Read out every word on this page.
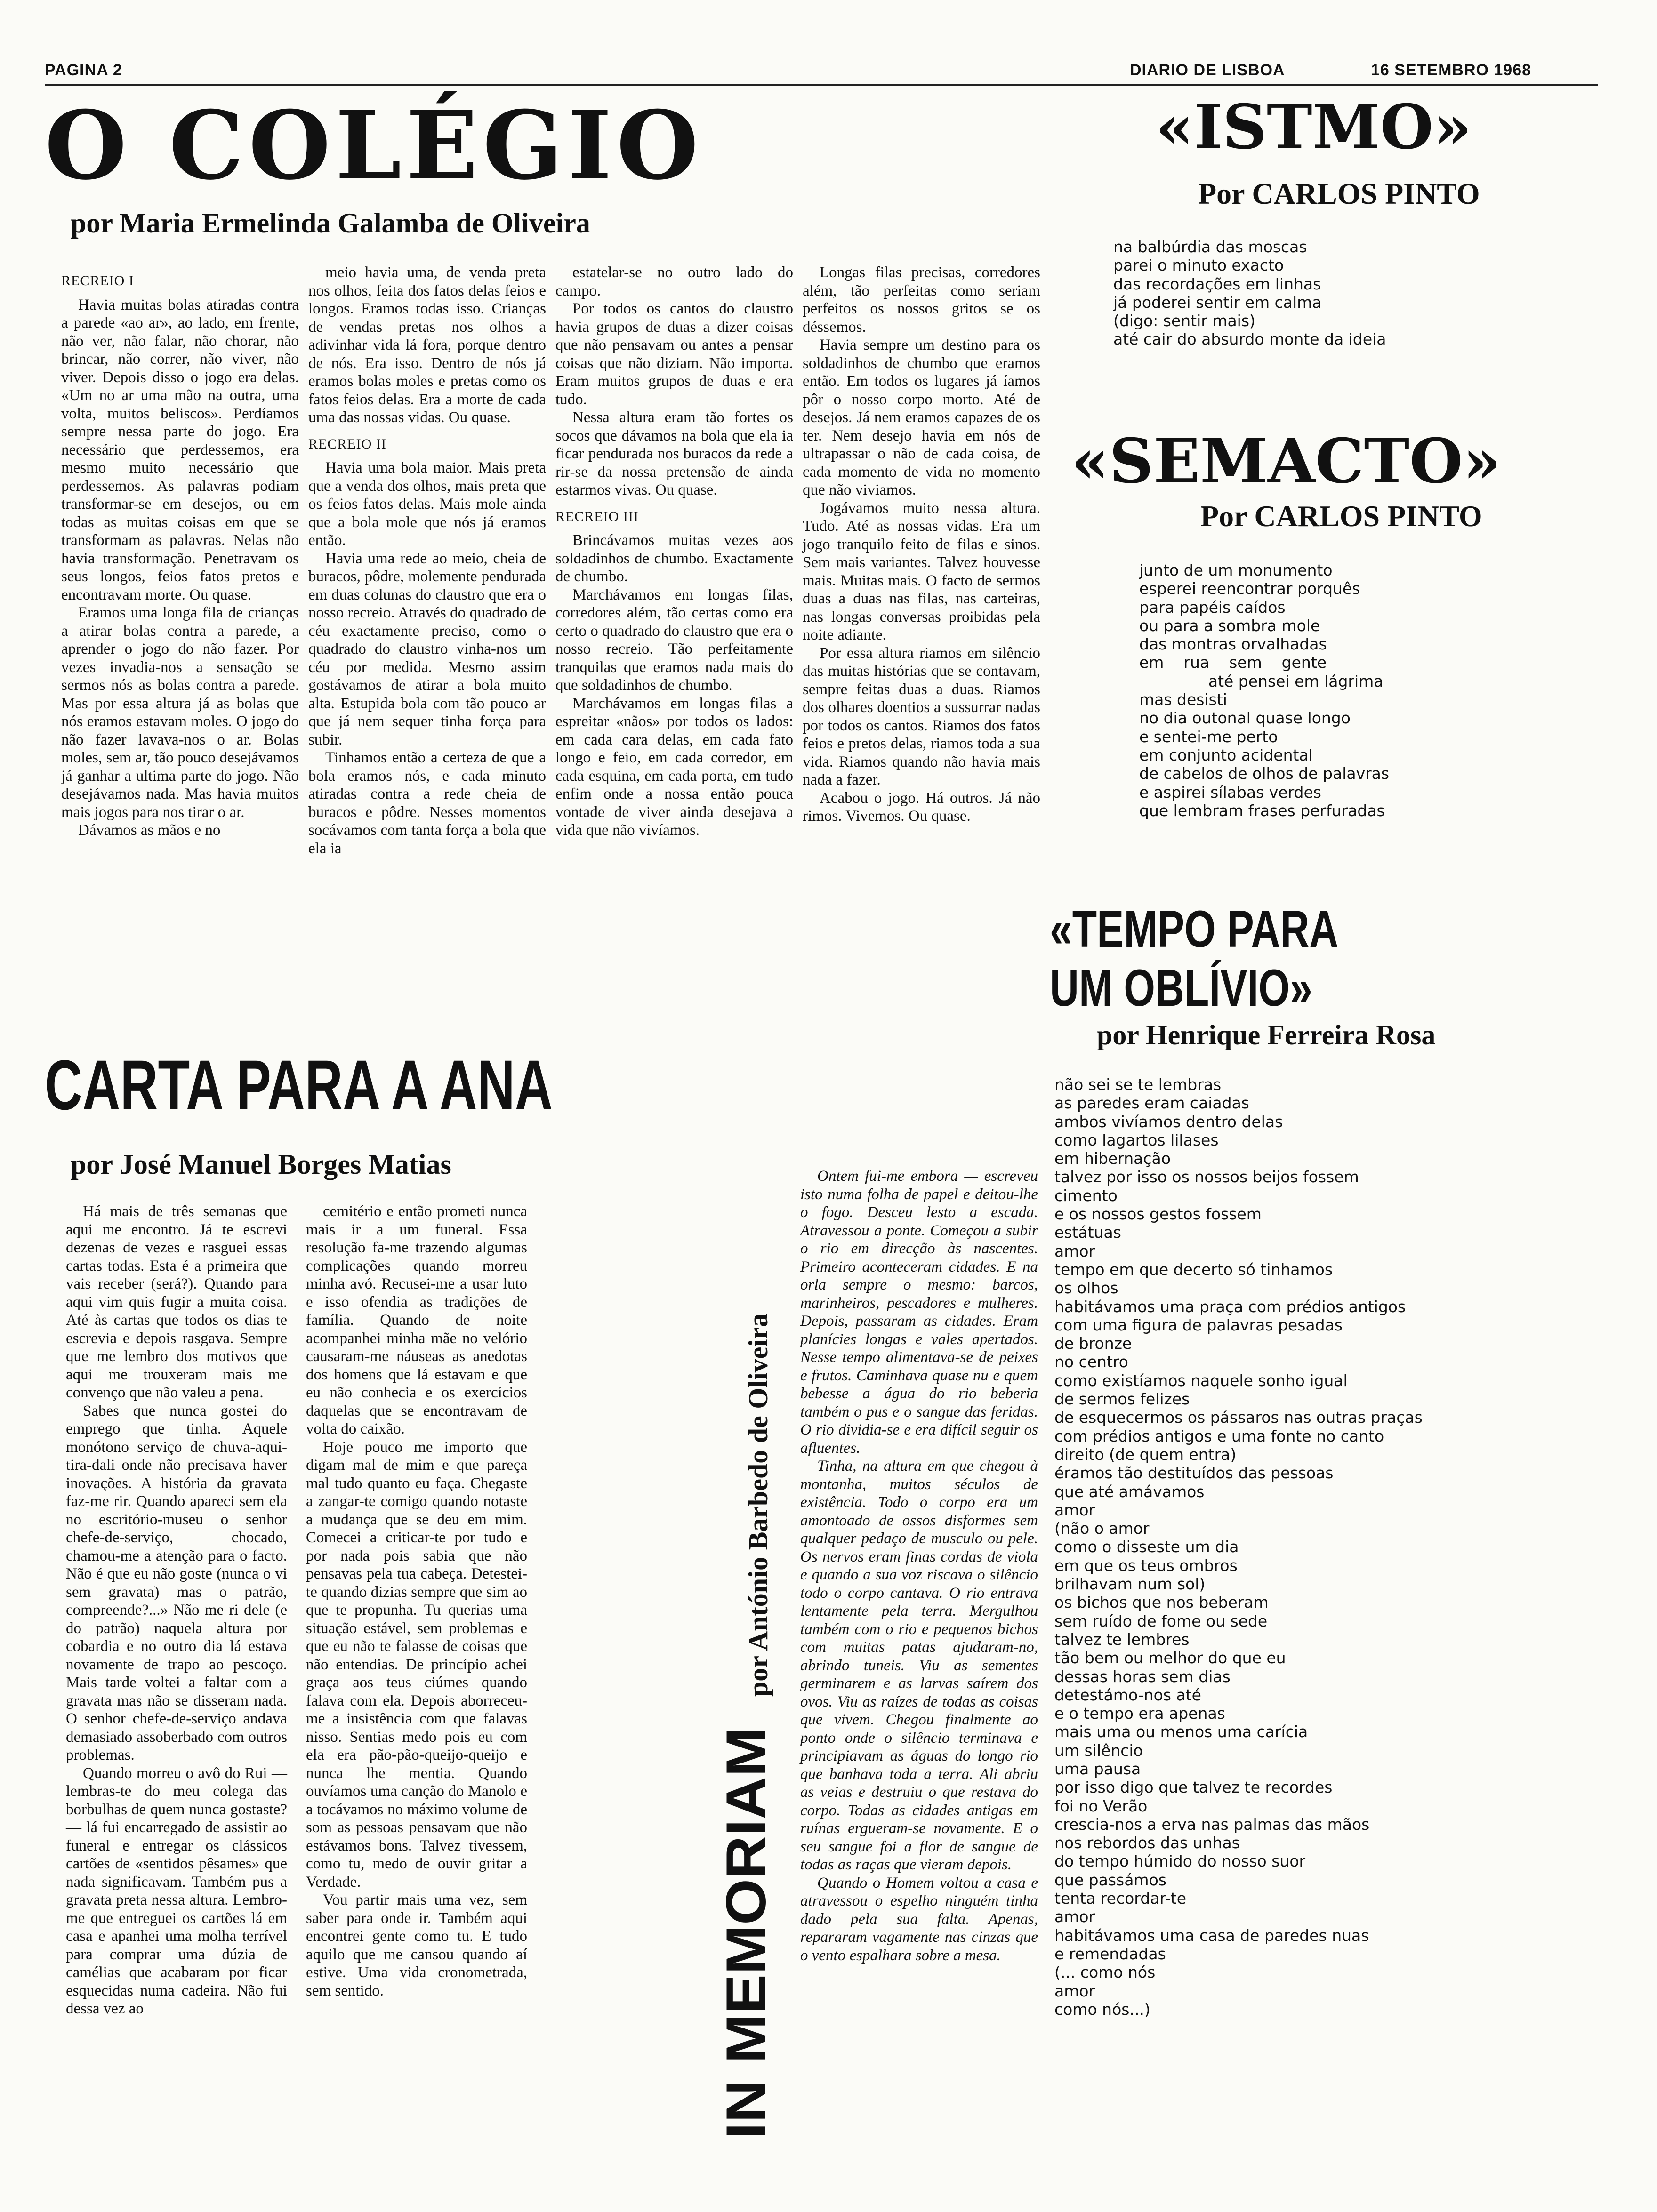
PAGINA 2	DIARIO DE LISBOA	16 SETEMBRO 1968
O COLÉGIO
por Maria Ermelinda Galamba de Oliveira

RECREIO I

Havia muitas bolas atiradas contra a parede «ao ar», ao lado, em frente, não ver, não falar, não chorar, não brincar, não correr, não viver, não viver. Depois disso o jogo era delas. «Um no ar uma mão na outra, uma volta, muitos beliscos». Perdíamos sempre nessa parte do jogo. Era necessário que perdessemos, era mesmo muito necessário que perdessemos. As palavras podiam transformar-se em desejos, ou em todas as muitas coisas em que se transformam as palavras. Nelas não havia transformação. Penetravam os seus longos, feios fatos pretos e encontravam morte. Ou quase.

Eramos uma longa fila de crianças a atirar bolas contra a parede, a aprender o jogo do não fazer. Por vezes invadia-nos a sensação se sermos nós as bolas contra a parede. Mas por essa altura já as bolas que nós eramos estavam moles. O jogo do não fazer lavava-nos o ar. Bolas moles, sem ar, tão pouco desejávamos já ganhar a ultima parte do jogo. Não desejávamos nada. Mas havia muitos mais jogos para nos tirar o ar.

Dávamos as mãos e no

meio havia uma, de venda preta nos olhos, feita dos fatos delas feios e longos. Eramos todas isso. Crianças de vendas pretas nos olhos a adivinhar vida lá fora, porque dentro de nós. Era isso. Dentro de nós já eramos bolas moles e pretas como os fatos feios delas. Era a morte de cada uma das nossas vidas. Ou quase.

RECREIO II

Havia uma bola maior. Mais preta que a venda dos olhos, mais preta que os feios fatos delas. Mais mole ainda que a bola mole que nós já eramos então.

Havia uma rede ao meio, cheia de buracos, pôdre, molemente pendurada em duas colunas do claustro que era o nosso recreio. Através do quadrado de céu exactamente preciso, como o quadrado do claustro vinha-nos um céu por medida. Mesmo assim gostávamos de atirar a bola muito alta. Estupida bola com tão pouco ar que já nem sequer tinha força para subir.

Tinhamos então a certeza de que a bola eramos nós, e cada minuto atiradas contra a rede cheia de buracos e pôdre. Nesses momentos socávamos com tanta força a bola que ela ia

estatelar-se no outro lado do campo.

Por todos os cantos do claustro havia grupos de duas a dizer coisas que não pensavam ou antes a pensar coisas que não diziam. Não importa. Eram muitos grupos de duas e era tudo.

Nessa altura eram tão fortes os socos que dávamos na bola que ela ia ficar pendurada nos buracos da rede a rir-se da nossa pretensão de ainda estarmos vivas. Ou quase.

RECREIO III

Brincávamos muitas vezes aos soldadinhos de chumbo. Exactamente de chumbo.

Marchávamos em longas filas, corredores além, tão certas como era certo o quadrado do claustro que era o nosso recreio. Tão perfeitamente tranquilas que eramos nada mais do que soldadinhos de chumbo.

Marchávamos em longas filas a espreitar «nãos» por todos os lados: em cada cara delas, em cada fato longo e feio, em cada corredor, em cada esquina, em cada porta, em tudo enfim onde a nossa então pouca vontade de viver ainda desejava a vida que não vivíamos.

Longas filas precisas, corredores além, tão perfeitas como seriam perfeitos os nossos gritos se os déssemos.

Havia sempre um destino para os soldadinhos de chumbo que eramos então. Em todos os lugares já íamos pôr o nosso corpo morto. Até de desejos. Já nem eramos capazes de os ter. Nem desejo havia em nós de ultrapassar o não de cada coisa, de cada momento de vida no momento que não viviamos.

Jogávamos muito nessa altura. Tudo. Até as nossas vidas. Era um jogo tranquilo feito de filas e sinos. Sem mais variantes. Talvez houvesse mais. Muitas mais. O facto de sermos duas a duas nas filas, nas carteiras, nas longas conversas proibidas pela noite adiante.

Por essa altura riamos em silêncio das muitas histórias que se contavam, sempre feitas duas a duas. Riamos dos olhares doentios a sussurrar nadas por todos os cantos. Riamos dos fatos feios e pretos delas, riamos toda a sua vida. Riamos quando não havia mais nada a fazer.

Acabou o jogo. Há outros. Já não rimos. Vivemos. Ou quase.

«ISTMO»
Por CARLOS PINTO
na balbúrdia das moscas
parei o minuto exacto
das recordações em linhas
já poderei sentir em calma
(digo: sentir mais)
até cair do absurdo monte da ideia
«SEMACTO»
Por CARLOS PINTO
junto de um monumento
esperei reencontrar porquês
para papéis caídos
ou para a sombra mole
das montras orvalhadas
em    rua    sem    gente
até pensei em lágrima
mas desisti
no dia outonal quase longo
e sentei-me perto
em conjunto acidental
de cabelos de olhos de palavras
e aspirei sílabas verdes
que lembram frases perfuradas
«TEMPO PARA
UM OBLÍVIO»
por Henrique Ferreira Rosa
não sei se te lembras
as paredes eram caiadas
ambos vivíamos dentro delas
como lagartos lilases
em hibernação
talvez por isso os nossos beijos fossem
cimento
e os nossos gestos fossem
estátuas
amor
tempo em que decerto só tinhamos
os olhos
habitávamos uma praça com prédios antigos
com uma figura de palavras pesadas
de bronze
no centro
como existíamos naquele sonho igual
de sermos felizes
de esquecermos os pássaros nas outras praças
com prédios antigos e uma fonte no canto
direito (de quem entra)
éramos tão destituídos das pessoas
que até amávamos
amor
(não o amor
como o disseste um dia
em que os teus ombros
brilhavam num sol)
os bichos que nos beberam
sem ruído de fome ou sede
talvez te lembres
tão bem ou melhor do que eu
dessas horas sem dias
detestámo-nos até
e o tempo era apenas
mais uma ou menos uma carícia
um silêncio
uma pausa
por isso digo que talvez te recordes
foi no Verão
crescia-nos a erva nas palmas das mãos
nos rebordos das unhas
do tempo húmido do nosso suor
que passámos
tenta recordar-te
amor
habitávamos uma casa de paredes nuas
e remendadas
(... como nós
amor
como nós...)
CARTA PARA A ANA
por José Manuel Borges Matias

Há mais de três semanas que aqui me encontro. Já te escrevi dezenas de vezes e rasguei essas cartas todas. Esta é a primeira que vais receber (será?). Quando para aqui vim quis fugir a muita coisa. Até às cartas que todos os dias te escrevia e depois rasgava. Sempre que me lembro dos motivos que aqui me trouxeram mais me convenço que não valeu a pena.

Sabes que nunca gostei do emprego que tinha. Aquele monótono serviço de chuva-aqui-tira-dali onde não precisava haver inovações. A história da gravata faz-me rir. Quando apareci sem ela no escritório-museu o senhor chefe-de-serviço, chocado, chamou-me a atenção para o facto. Não é que eu não goste (nunca o vi sem gravata) mas o patrão, compreende?...» Não me ri dele (e do patrão) naquela altura por cobardia e no outro dia lá estava novamente de trapo ao pescoço. Mais tarde voltei a faltar com a gravata mas não se disseram nada. O senhor chefe-de-serviço andava demasiado assoberbado com outros problemas.

Quando morreu o avô do Rui — lembras-te do meu colega das borbulhas de quem nunca gostaste? — lá fui encarregado de assistir ao funeral e entregar os clássicos cartões de «sentidos pêsames» que nada significavam. Também pus a gravata preta nessa altura. Lembro-me que entreguei os cartões lá em casa e apanhei uma molha terrível para comprar uma dúzia de camélias que acabaram por ficar esquecidas numa cadeira. Não fui dessa vez ao

cemitério e então prometi nunca mais ir a um funeral. Essa resolução fa-me trazendo algumas complicações quando morreu minha avó. Recusei-me a usar luto e isso ofendia as tradições de família. Quando de noite acompanhei minha mãe no velório causaram-me náuseas as anedotas dos homens que lá estavam e que eu não conhecia e os exercícios daquelas que se encontravam de volta do caixão.

Hoje pouco me importo que digam mal de mim e que pareça mal tudo quanto eu faça. Chegaste a zangar-te comigo quando notaste a mudança que se deu em mim. Comecei a criticar-te por tudo e por nada pois sabia que não pensavas pela tua cabeça. Detestei-te quando dizias sempre que sim ao que te propunha. Tu querias uma situação estável, sem problemas e que eu não te falasse de coisas que não entendias. De princípio achei graça aos teus ciúmes quando falava com ela. Depois aborreceu-me a insistência com que falavas nisso. Sentias medo pois eu com ela era pão-pão-queijo-queijo e nunca lhe mentia. Quando ouvíamos uma canção do Manolo e a tocávamos no máximo volume de som as pessoas pensavam que não estávamos bons. Talvez tivessem, como tu, medo de ouvir gritar a Verdade.

Vou partir mais uma vez, sem saber para onde ir. Também aqui encontrei gente como tu. E tudo aquilo que me cansou quando aí estive. Uma vida cronometrada, sem sentido.	IN MEMORIAM
por António Barbedo de Oliveira

Ontem fui-me embora — escreveu isto numa folha de papel e deitou-lhe o fogo. Desceu lesto a escada. Atravessou a ponte. Começou a subir o rio em direcção às nascentes. Primeiro aconteceram cidades. E na orla sempre o mesmo: barcos, marinheiros, pescadores e mulheres. Depois, passaram as cidades. Eram planícies longas e vales apertados. Nesse tempo alimentava-se de peixes e frutos. Caminhava quase nu e quem bebesse a água do rio beberia também o pus e o sangue das feridas. O rio dividia-se e era difícil seguir os afluentes.

Tinha, na altura em que chegou à montanha, muitos séculos de existência. Todo o corpo era um amontoado de ossos disformes sem qualquer pedaço de musculo ou pele. Os nervos eram finas cordas de viola e quando a sua voz riscava o silêncio todo o corpo cantava. O rio entrava lentamente pela terra. Mergulhou também com o rio e pequenos bichos com muitas patas ajudaram-no, abrindo tuneis. Viu as sementes germinarem e as larvas saírem dos ovos. Viu as raízes de todas as coisas que vivem. Chegou finalmente ao ponto onde o silêncio terminava e principiavam as águas do longo rio que banhava toda a terra. Ali abriu as veias e destruiu o que restava do corpo. Todas as cidades antigas em ruínas ergueram-se novamente. E o seu sangue foi a flor de sangue de todas as raças que vieram depois.

Quando o Homem voltou a casa e atravessou o espelho ninguém tinha dado pela sua falta. Apenas, repararam vagamente nas cinzas que o vento espalhara sobre a mesa.
